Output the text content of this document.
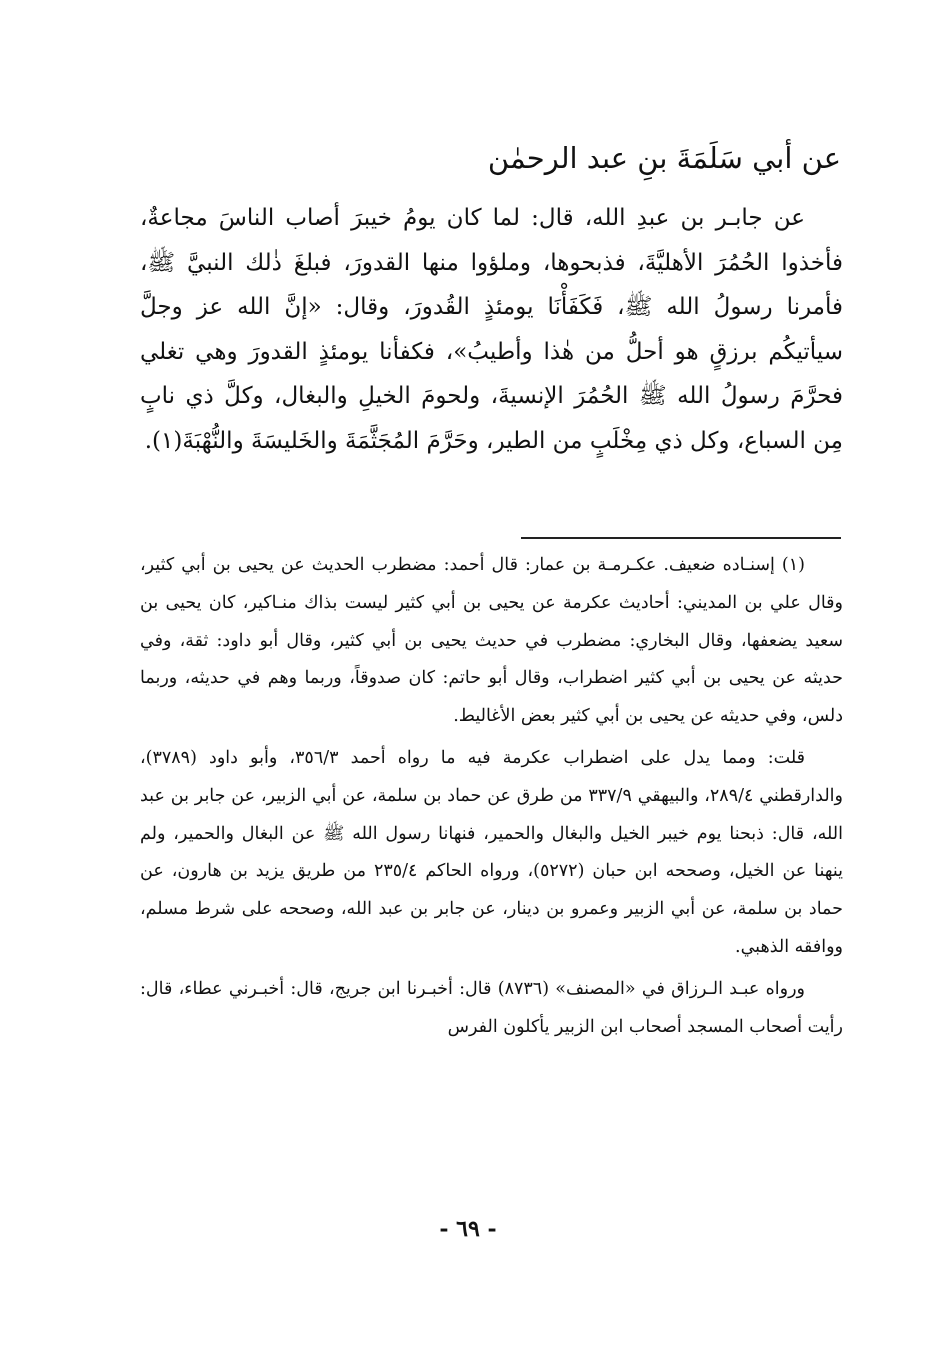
عن أبي سَلَمَةَ بنِ عبد الرحمٰن

عن جابـر بن عبدِ الله، قال: لما كان يومُ خيبرَ أصاب الناسَ مجاعةٌ، فأخذوا الحُمُرَ الأهليَّةَ، فذبحوها، وملؤوا منها القدورَ، فبلغَ ذٰلك النبيَّ ﷺ، فأمرنا رسولُ الله ﷺ، فَكَفَأْنَا يومئذٍ القُدورَ، وقال: «إنَّ الله عز وجلَّ سيأتيكُم برزقٍ هو أحلُّ من هٰذا وأطيبُ»، فكفأنا يومئذٍ القدورَ وهي تغلي فحرَّمَ رسولُ الله ﷺ الحُمُرَ الإنسيةَ، ولحومَ الخيلِ والبغال، وكلَّ ذي نابٍ مِن السباع، وكل ذي مِخْلَبٍ من الطير، وحَرَّمَ المُجَثَّمَةَ والخَليسَةَ والنُّهْبَةَ(١).

(١) إسنـاده ضعيف. عكـرمـة بن عمار: قال أحمد: مضطرب الحديث عن يحيى بن أبي كثير، وقال علي بن المديني: أحاديث عكرمة عن يحيى بن أبي كثير ليست بذاك منـاكير، كان يحيى بن سعيد يضعفها، وقال البخاري: مضطرب في حديث يحيى بن أبي كثير، وقال أبو داود: ثقة، وفي حديثه عن يحيى بن أبي كثير اضطراب، وقال أبو حاتم: كان صدوقاً، وربما وهم في حديثه، وربما دلس، وفي حديثه عن يحيى بن أبي كثير بعض الأغاليط.

قلت: ومما يدل على اضطراب عكرمة فيه ما رواه أحمد ٣٥٦/٣، وأبو داود (٣٧٨٩)، والدارقطني ٢٨٩/٤، والبيهقي ٣٣٧/٩ من طرق عن حماد بن سلمة، عن أبي الزبير، عن جابر بن عبد الله، قال: ذبحنا يوم خيبر الخيل والبغال والحمير، فنهانا رسول الله ﷺ عن البغال والحمير، ولم ينهنا عن الخيل، وصححه ابن حبان (٥٢٧٢)، ورواه الحاكم ٢٣٥/٤ من طريق يزيد بن هارون، عن حماد بن سلمة، عن أبي الزبير وعمرو بن دينار، عن جابر بن عبد الله، وصححه على شرط مسلم، ووافقه الذهبي.

ورواه عبـد الـرزاق في «المصنف» (٨٧٣٦) قال: أخبـرنا ابن جريج، قال: أخبـرني عطاء، قال: رأيت أصحاب المسجد أصحاب ابن الزبير يأكلون الفرس

- ٦٩ -
